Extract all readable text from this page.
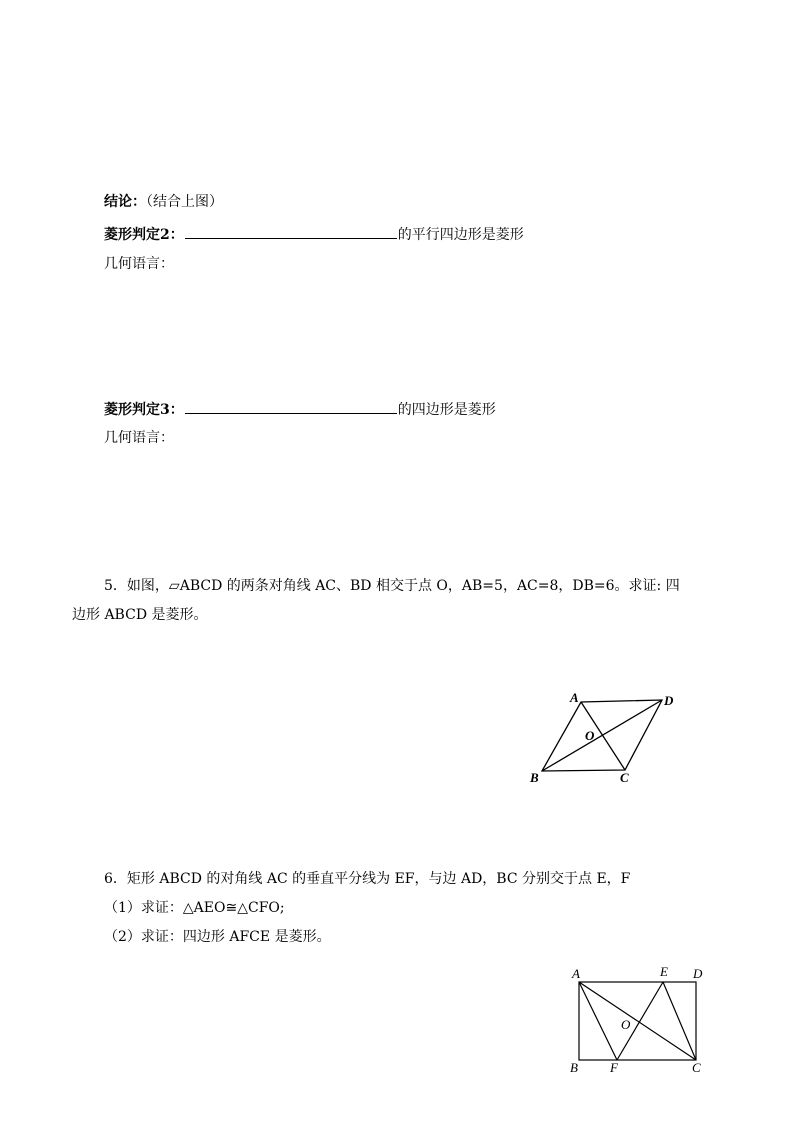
结论：（结合上图）
菱形判定2：	的平行四边形是菱形
几何语言：
菱形判定3：	的四边形是菱形
几何语言：
5．如图，▱ABCD 的两条对角线 AC、BD 相交于点 O，AB=5，AC=8，DB=6。求证: 四
边形 ABCD 是菱形。
A	D
O
B	C
6．矩形 ABCD 的对角线 AC 的垂直平分线为 EF，与边 AD，BC 分别交于点 E，F
（1）求证：△AEO≅△CFO;
（2）求证：四边形 AFCE 是菱形。
A	E D
O
B F	C
